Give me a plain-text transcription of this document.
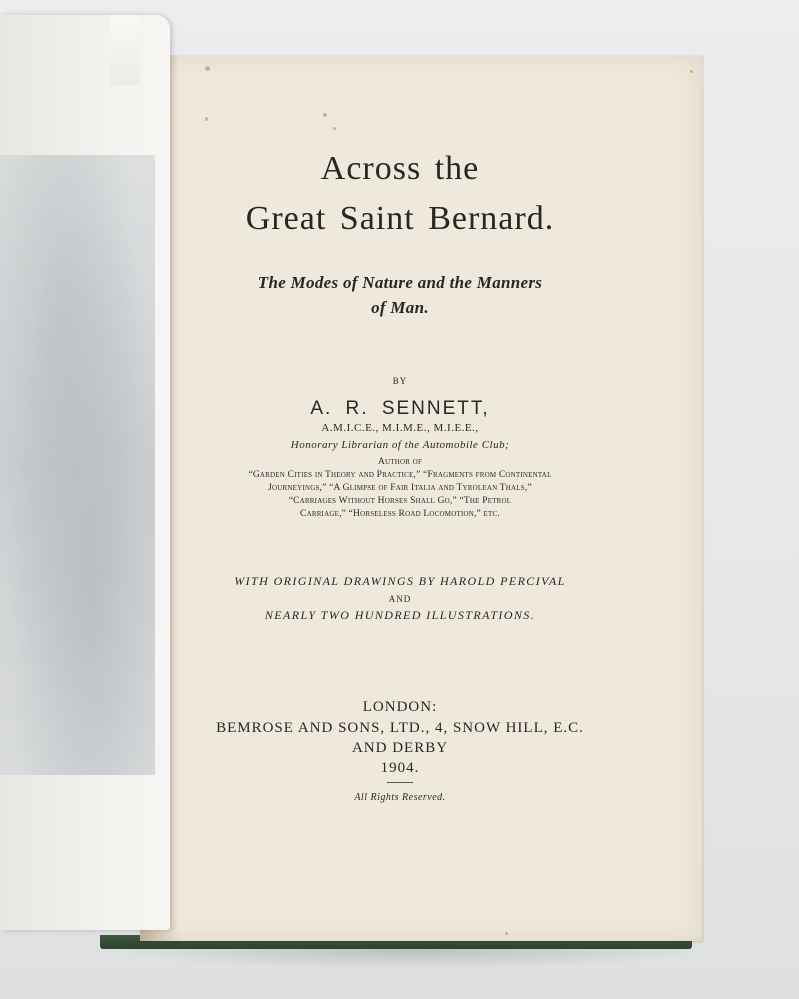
Across the
Great Saint Bernard.
The Modes of Nature and the Manners
of Man.
BY
A. R. SENNETT,
A.M.I.C.E., M.I.M.E., M.I.E.E.,
Honorary Librarian of the Automobile Club;
Author of
“Garden Cities in Theory and Practice,” “Fragments from Continental
Journeyings,” “A Glimpse of Fair Italia and Tyrolean Thals,”
“Carriages Without Horses Shall Go,” “The Petrol
Carriage,” “Horseless Road Locomotion,” etc.
WITH ORIGINAL DRAWINGS BY HAROLD PERCIVAL
AND
NEARLY TWO HUNDRED ILLUSTRATIONS.
LONDON:
BEMROSE AND SONS, LTD., 4, SNOW HILL, E.C.
AND DERBY
1904.
All Rights Reserved.
